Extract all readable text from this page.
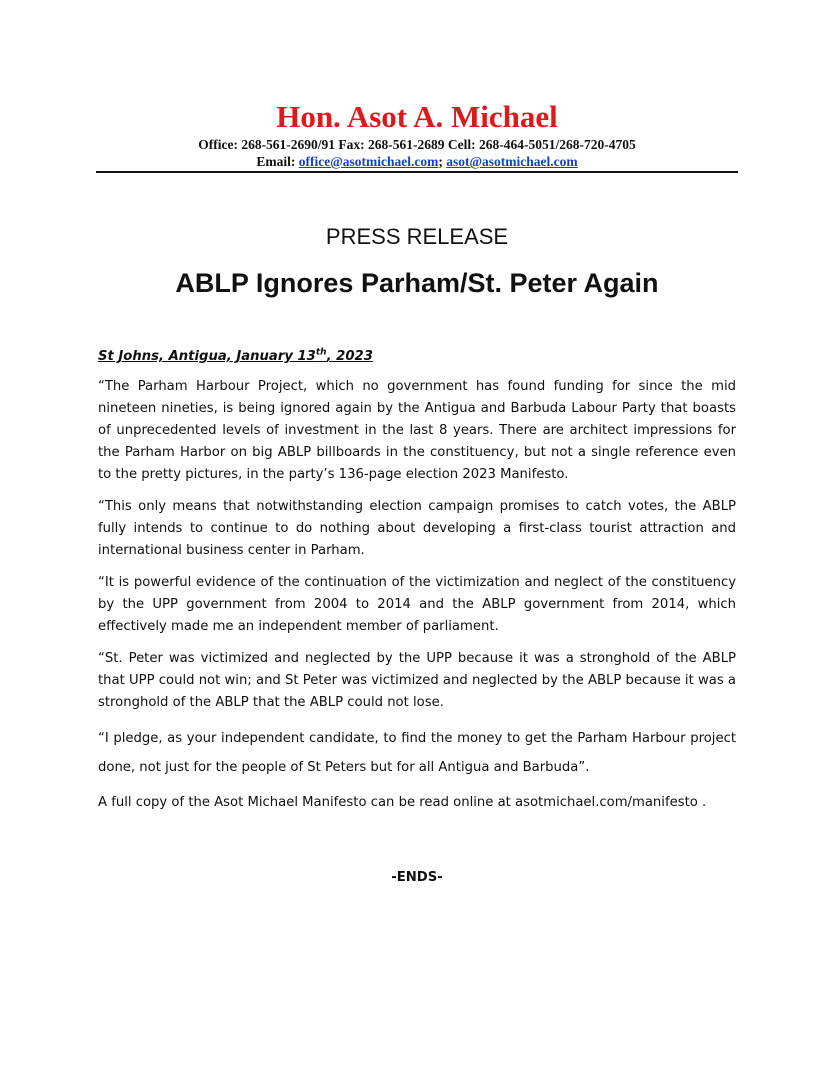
Hon. Asot A. Michael
Office: 268-561-2690/91 Fax: 268-561-2689 Cell: 268-464-5051/268-720-4705
Email: office@asotmichael.com; asot@asotmichael.com
PRESS RELEASE
ABLP Ignores Parham/St. Peter Again

St Johns, Antigua, January 13th, 2023

“The Parham Harbour Project, which no government has found funding for since the mid nineteen nineties, is being ignored again by the Antigua and Barbuda Labour Party that boasts of unprecedented levels of investment in the last 8 years. There are architect impressions for the Parham Harbor on big ABLP billboards in the constituency, but not a single reference even to the pretty pictures, in the party’s 136-page election 2023 Manifesto.

“This only means that notwithstanding election campaign promises to catch votes, the ABLP fully intends to continue to do nothing about developing a first-class tourist attraction and international business center in Parham.

“It is powerful evidence of the continuation of the victimization and neglect of the constituency by the UPP government from 2004 to 2014 and the ABLP government from 2014, which effectively made me an independent member of parliament.

“St. Peter was victimized and neglected by the UPP because it was a stronghold of the ABLP that UPP could not win; and St Peter was victimized and neglected by the ABLP because it was a stronghold of the ABLP that the ABLP could not lose.

“I pledge, as your independent candidate, to find the money to get the Parham Harbour project done, not just for the people of St Peters but for all Antigua and Barbuda”.

A full copy of the Asot Michael Manifesto can be read online at asotmichael.com/manifesto .

-ENDS-
